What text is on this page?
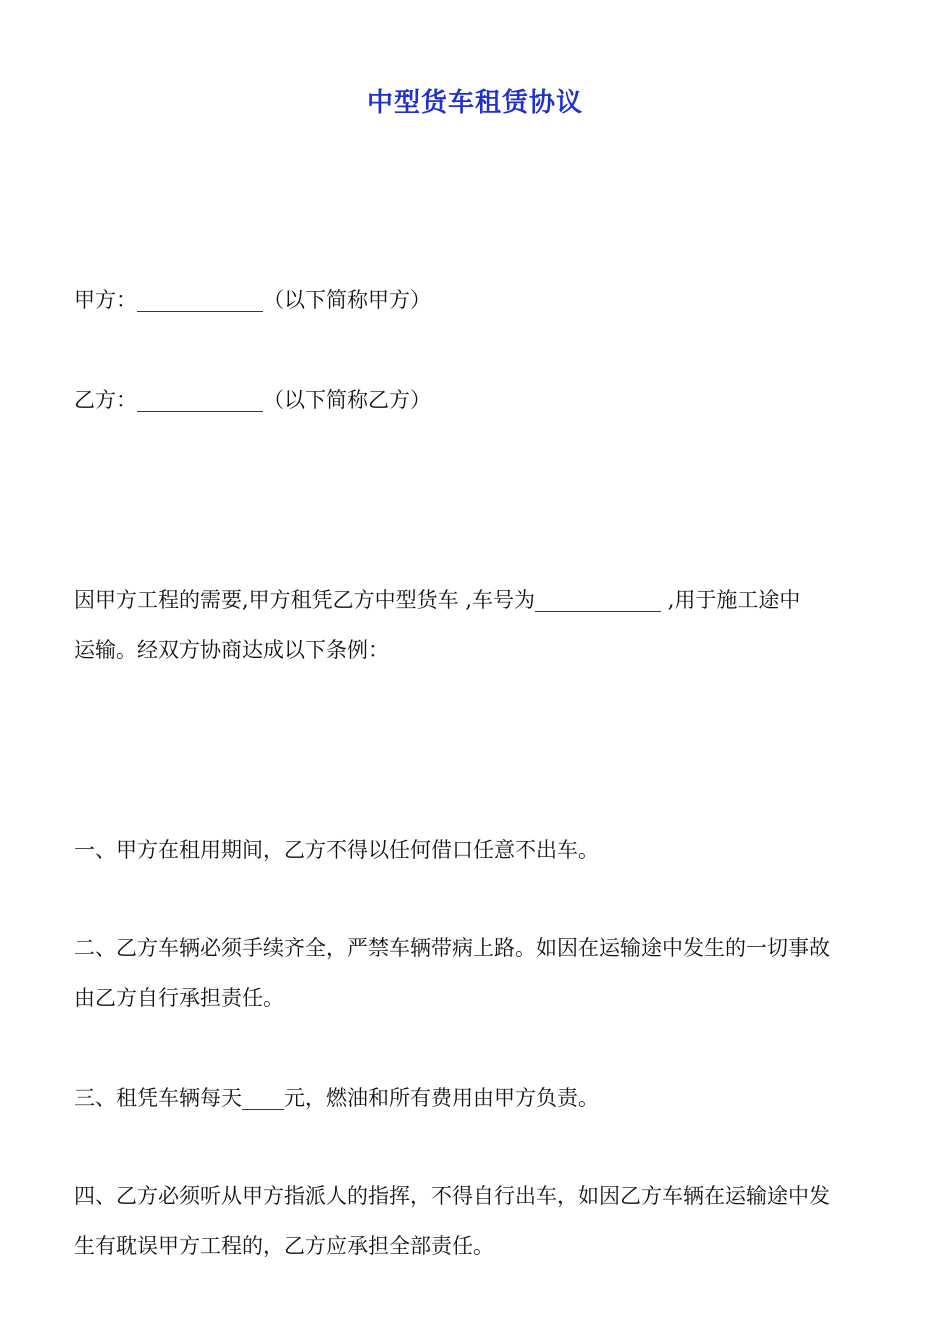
中型货车租赁协议
甲方：____________（以下简称甲方）
乙方：____________（以下简称乙方）
因甲方工程的需要,甲方租凭乙方中型货车 ,车号为____________ ,用于施工途中
运输。经双方协商达成以下条例：
一、甲方在租用期间，乙方不得以任何借口任意不出车。
二、乙方车辆必须手续齐全，严禁车辆带病上路。如因在运输途中发生的一切事故
由乙方自行承担责任。
三、租凭车辆每天____元，燃油和所有费用由甲方负责。
四、乙方必须听从甲方指派人的指挥，不得自行出车，如因乙方车辆在运输途中发
生有耽误甲方工程的，乙方应承担全部责任。
